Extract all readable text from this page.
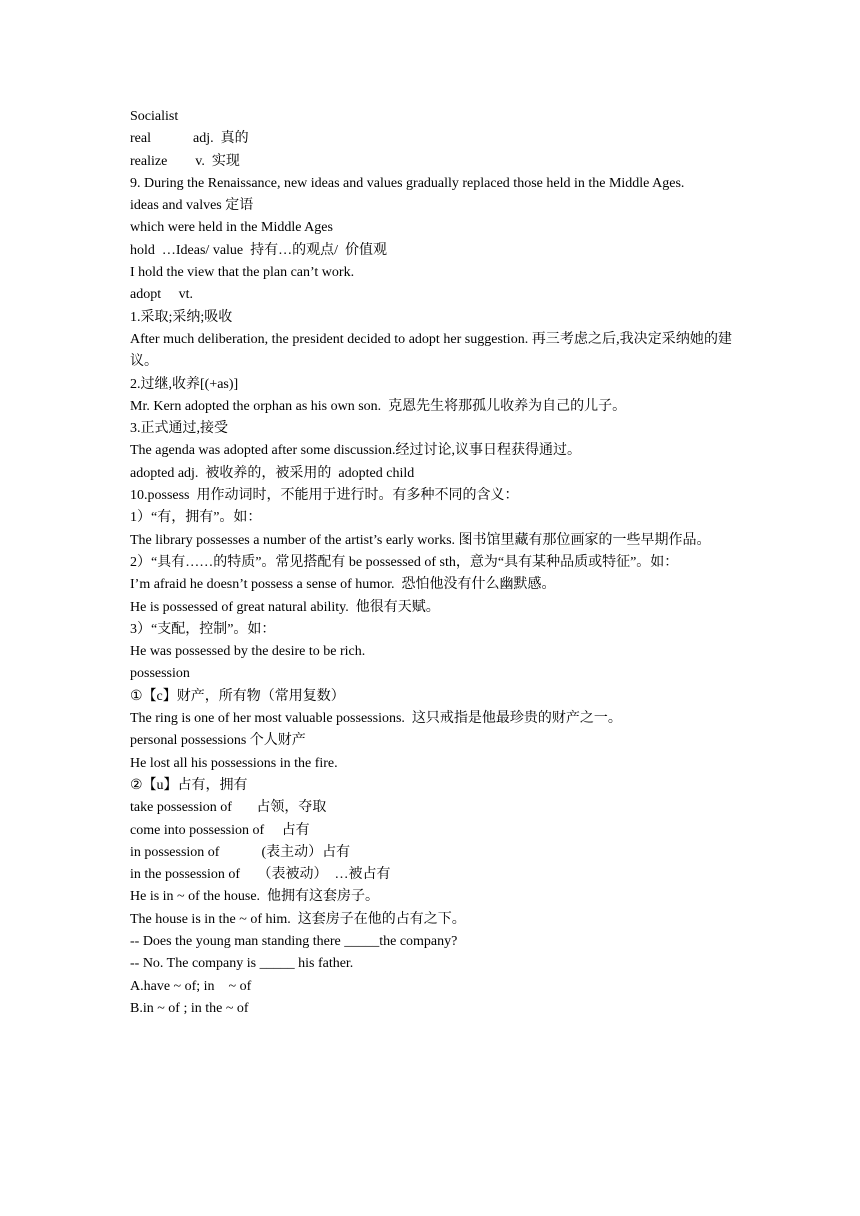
Socialist
real            adj.  真的
realize        v.  实现
9. During the Renaissance, new ideas and values gradually replaced those held in the Middle Ages.
ideas and valves 定语
which were held in the Middle Ages
hold  …Ideas/ value  持有…的观点/  价值观
I hold the view that the plan can’t work.
adopt     vt.
1.采取;采纳;吸收
After much deliberation, the president decided to adopt her suggestion. 再三考虑之后,我决定采纳她的建议。
2.过继,收养[(+as)]
Mr. Kern adopted the orphan as his own son.  克恩先生将那孤儿收养为自己的儿子。
3.正式通过,接受
The agenda was adopted after some discussion.经过讨论,议事日程获得通过。
adopted adj.  被收养的，被采用的  adopted child
10.possess  用作动词时，不能用于进行时。有多种不同的含义：
1）“有，拥有”。如：
The library possesses a number of the artist’s early works. 图书馆里藏有那位画家的一些早期作品。
2）“具有……的特质”。常见搭配有 be possessed of sth，意为“具有某种品质或特征”。如：
I’m afraid he doesn’t possess a sense of humor.  恐怕他没有什么幽默感。
He is possessed of great natural ability.  他很有天赋。
3）“支配，控制”。如：
He was possessed by the desire to be rich.
possession
①【c】财产，所有物（常用复数）
The ring is one of her most valuable possessions.  这只戒指是他最珍贵的财产之一。
personal possessions 个人财产
He lost all his possessions in the fire.
②【u】占有，拥有
take possession of       占领，夺取
come into possession of     占有
in possession of            (表主动）占有
in the possession of     （表被动）  …被占有
He is in ~ of the house.  他拥有这套房子。
The house is in the ~ of him.  这套房子在他的占有之下。
-- Does the young man standing there _____the company?
-- No. The company is _____ his father.
A.have ~ of; in    ~ of
B.in ~ of ; in the ~ of
